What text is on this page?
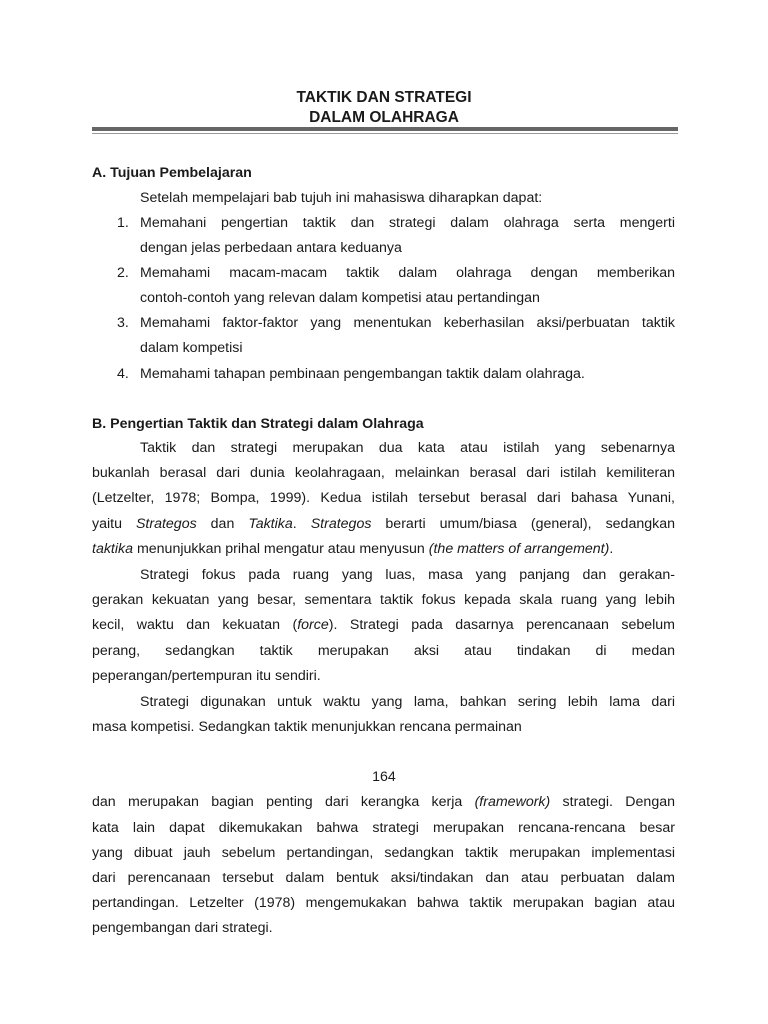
TAKTIK DAN STRATEGI
DALAM OLAHRAGA
A. Tujuan Pembelajaran
Setelah mempelajari bab tujuh ini mahasiswa diharapkan dapat:
1. Memahani pengertian taktik dan strategi dalam olahraga serta mengerti
dengan jelas perbedaan antara keduanya
2. Memahami macam-macam taktik dalam olahraga dengan memberikan
contoh-contoh yang relevan dalam kompetisi atau pertandingan
3. Memahami faktor-faktor yang menentukan keberhasilan aksi/perbuatan taktik
dalam kompetisi
4. Memahami tahapan pembinaan pengembangan taktik dalam olahraga.
B. Pengertian Taktik dan Strategi dalam Olahraga
Taktik dan strategi merupakan dua kata atau istilah yang sebenarnya
bukanlah berasal dari dunia keolahragaan, melainkan berasal dari istilah kemiliteran
(Letzelter, 1978; Bompa, 1999). Kedua istilah tersebut berasal dari bahasa Yunani,
yaitu Strategos dan Taktika. Strategos berarti umum/biasa (general), sedangkan
taktika menunjukkan prihal mengatur atau menyusun (the matters of arrangement).
Strategi fokus pada ruang yang luas, masa yang panjang dan gerakan-
gerakan kekuatan yang besar, sementara taktik fokus kepada skala ruang yang lebih
kecil, waktu dan kekuatan (force). Strategi pada dasarnya perencanaan sebelum
perang, sedangkan taktik merupakan aksi atau tindakan di medan
peperangan/pertempuran itu sendiri.
Strategi digunakan untuk waktu yang lama, bahkan sering lebih lama dari
masa kompetisi. Sedangkan taktik menunjukkan rencana permainan
164
dan merupakan bagian penting dari kerangka kerja (framework) strategi. Dengan
kata lain dapat dikemukakan bahwa strategi merupakan rencana-rencana besar
yang dibuat jauh sebelum pertandingan, sedangkan taktik merupakan implementasi
dari perencanaan tersebut dalam bentuk aksi/tindakan dan atau perbuatan dalam
pertandingan. Letzelter (1978) mengemukakan bahwa taktik merupakan bagian atau
pengembangan dari strategi.
